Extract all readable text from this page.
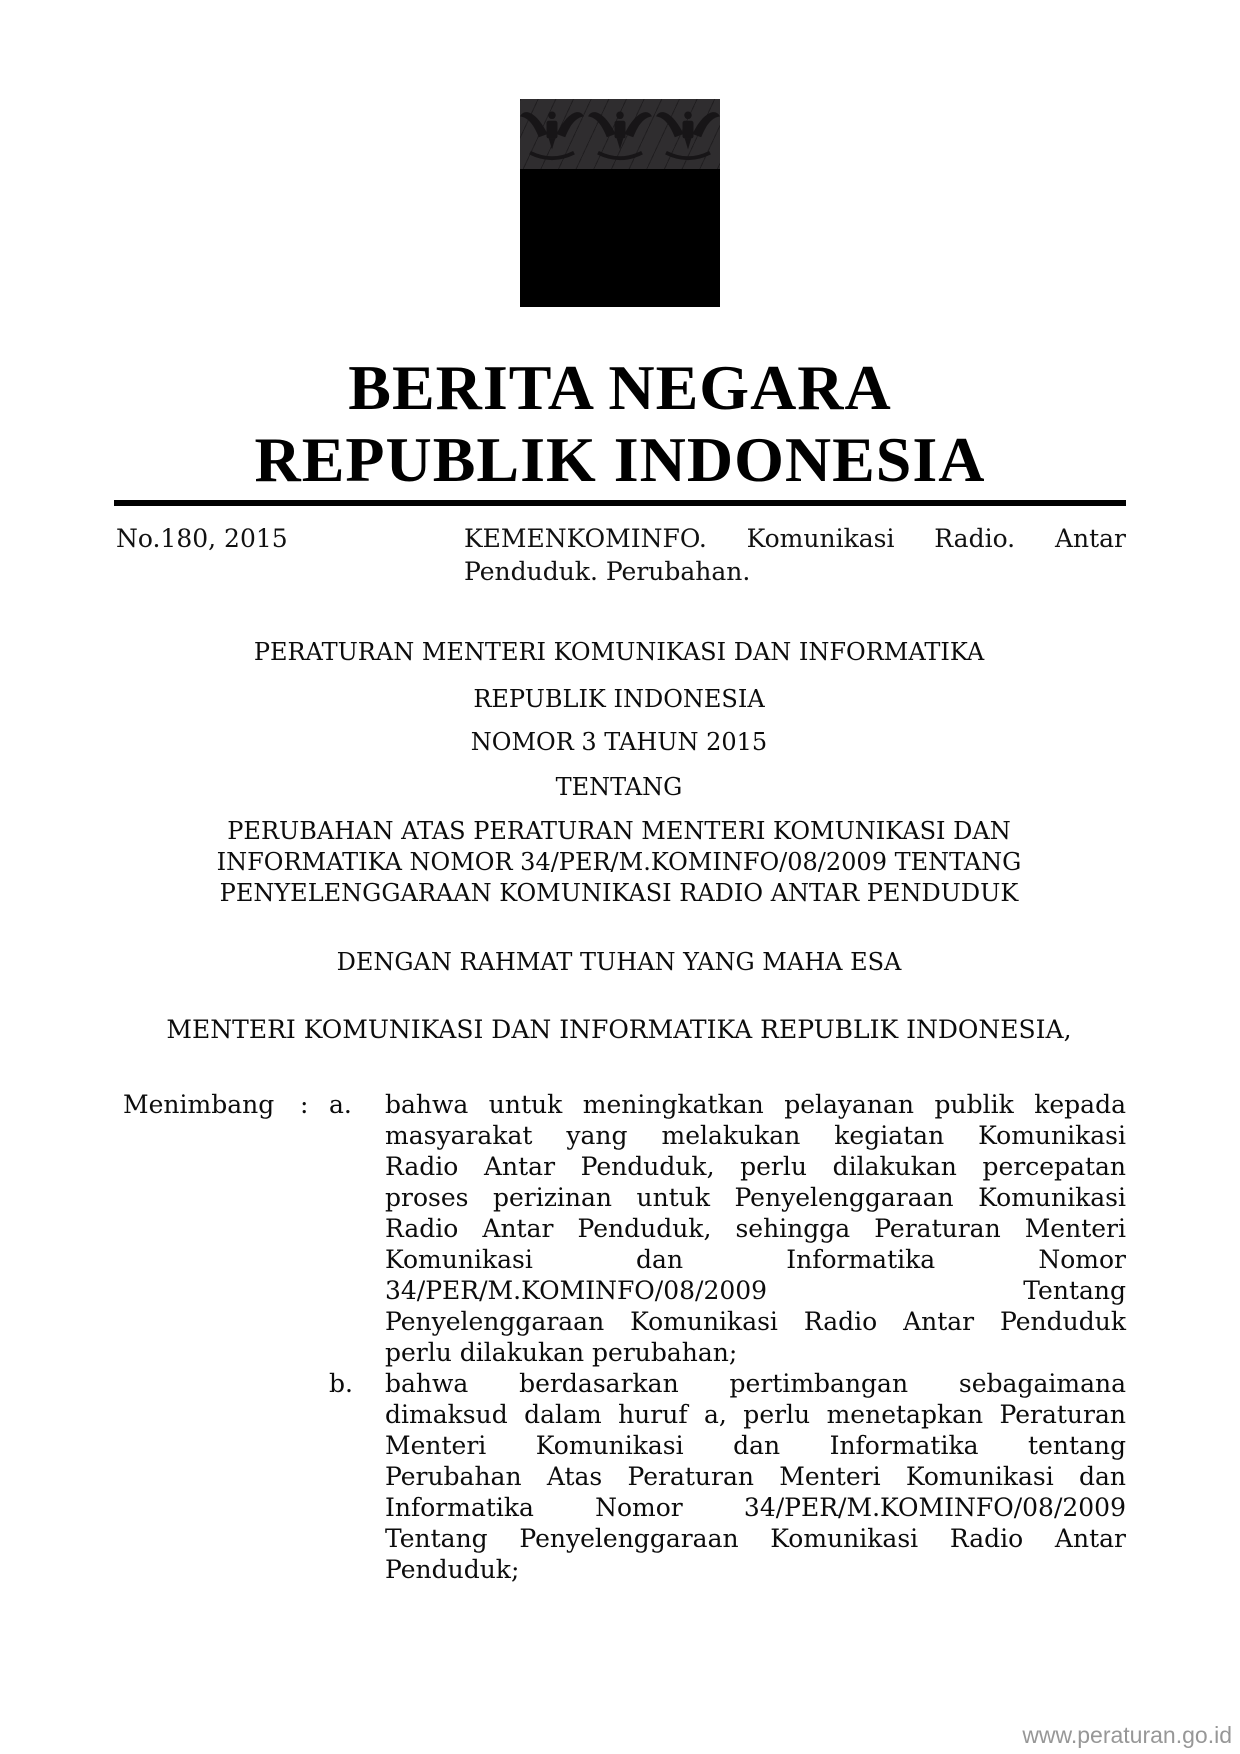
BERITA NEGARA
REPUBLIK INDONESIA
No.180, 2015	KEMENKOMINFO. Komunikasi Radio. Antar
Penduduk. Perubahan.
PERATURAN MENTERI KOMUNIKASI DAN INFORMATIKA
REPUBLIK INDONESIA
NOMOR 3 TAHUN 2015
TENTANG
PERUBAHAN ATAS PERATURAN MENTERI KOMUNIKASI DAN
INFORMATIKA NOMOR 34/PER/M.KOMINFO/08/2009 TENTANG
PENYELENGGARAAN KOMUNIKASI RADIO ANTAR PENDUDUK
DENGAN RAHMAT TUHAN YANG MAHA ESA
MENTERI KOMUNIKASI DAN INFORMATIKA REPUBLIK INDONESIA,
Menimbang	: a.	bahwa untuk meningkatkan pelayanan publik kepada
masyarakat yang melakukan kegiatan Komunikasi
Radio Antar Penduduk, perlu dilakukan percepatan
proses perizinan untuk Penyelenggaraan Komunikasi
Radio Antar Penduduk, sehingga Peraturan Menteri
Komunikasi dan Informatika Nomor
34/PER/M.KOMINFO/08/2009 Tentang
Penyelenggaraan Komunikasi Radio Antar Penduduk
perlu dilakukan perubahan;
b.	bahwa berdasarkan pertimbangan sebagaimana
dimaksud dalam huruf a, perlu menetapkan Peraturan
Menteri Komunikasi dan Informatika tentang
Perubahan Atas Peraturan Menteri Komunikasi dan
Informatika Nomor 34/PER/M.KOMINFO/08/2009
Tentang Penyelenggaraan Komunikasi Radio Antar
Penduduk;
www.peraturan.go.id
